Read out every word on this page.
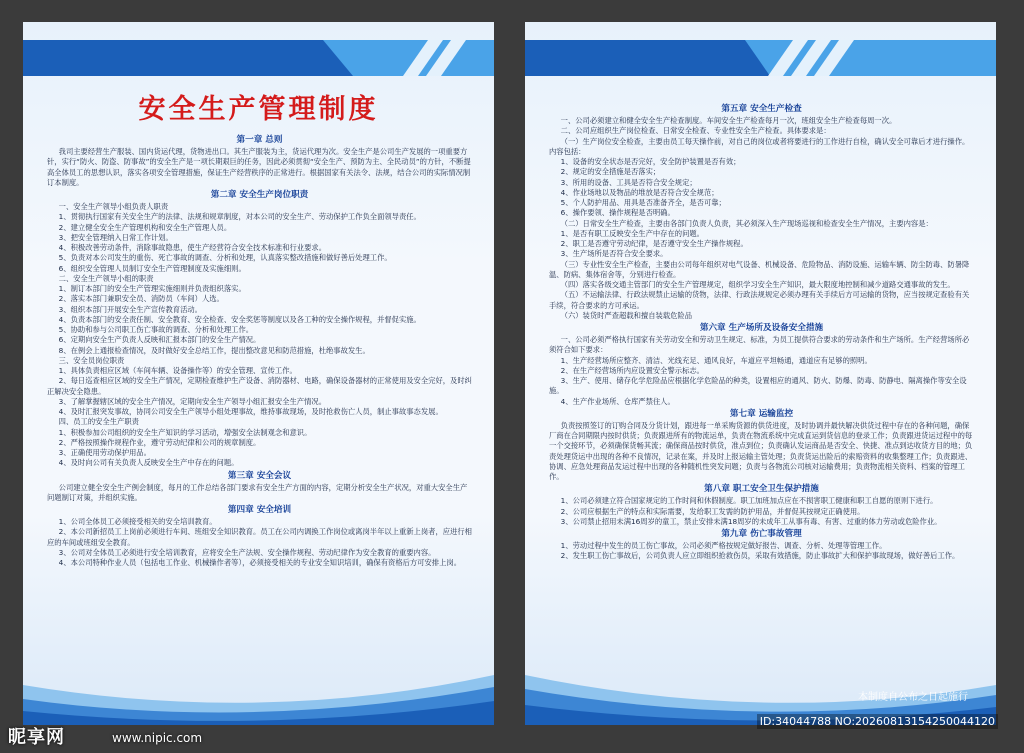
安全生产管理制度
第一章 总则
我司主要经营生产服装、国内货运代理，货物进出口。其生产服装为主，货运代理为次。安全生产是公司生产发展的一项重要方针，实行“防火、防盗、防事故”的安全生产是一项长期艰巨的任务，因此必须贯彻“安全生产、预防为主、全民动员”的方针，不断提高全体员工的思想认识，落实各项安全管理措施，保证生产经营秩序的正常进行。根据国家有关法令、法规，结合公司的实际情况制订本制度。
第二章 安全生产岗位职责
一、安全生产领导小组负责人职责
1、贯彻执行国家有关安全生产的法律、法规和规章制度，对本公司的安全生产、劳动保护工作负全面领导责任。
2、建立健全安全生产管理机构和安全生产管理人员。
3、把安全管理纳入日常工作计划。
4、积极改善劳动条件，消除事故隐患，使生产经营符合安全技术标准和行业要求。
5、负责对本公司发生的重伤、死亡事故的调查、分析和处理，认真落实整改措施和做好善后处理工作。
6、组织安全管理人员制订安全生产管理制度及实施细则。
二、安全生产领导小组的职责
1、制订本部门的安全生产管理实施细则并负责组织落实。
2、落实本部门兼职安全员、消防员（车间）人选。
3、组织本部门开展安全生产宣传教育活动。
4、负责本部门的安全责任制、安全教育、安全检查、安全奖惩等制度以及各工种的安全操作规程，并督促实施。
5、协助和参与公司职工伤亡事故的调查、分析和处理工作。
6、定期向安全生产负责人反映和汇报本部门的安全生产情况。
8、在例会上通报检查情况，及时做好安全总结工作，提出整改意见和防范措施，杜绝事故发生。
三、安全员岗位职责
1、具体负责相应区域（车间车辆、设备操作等）的安全管理、宣传工作。
2、每日巡查相应区域的安全生产情况，定期检查维护生产设备、消防器材、电路，确保设备器材的正常使用及安全完好，及时纠正解决安全隐患。
3、了解掌握辖区域的安全生产情况，定期向安全生产领导小组汇报安全生产情况。
4、及时汇报突发事故，协同公司安全生产领导小组处理事故，维持事故现场，及时抢救伤亡人员，制止事故事态发展。
四、员工的安全生产职责
1、积极参加公司组织的安全生产知识的学习活动，增强安全法制观念和意识。
2、严格按照操作规程作业，遵守劳动纪律和公司的规章制度。
3、正确使用劳动保护用品。
4、及时向公司有关负责人反映安全生产中存在的问题。
第三章 安全会议
公司建立健全安全生产例会制度，每月的工作总结各部门要求有安全生产方面的内容，定期分析安全生产状况，对重大安全生产问题制订对策，并组织实施。
第四章 安全培训
1、公司全体员工必须接受相关的安全培训教育。
2、本公司新招员工上岗前必须进行车间、班组安全知识教育。员工在公司内调换工作岗位或离岗半年以上重新上岗者，应进行相应的车间或班组安全教育。
3、公司对全体员工必须进行安全培训教育，应将安全生产法规、安全操作规程、劳动纪律作为安全教育的重要内容。
4、本公司特种作业人员（包括电工作业、机械操作者等），必须接受相关的专业安全知识培训，确保有资格后方可安排上岗。
第五章 安全生产检查
一、公司必须建立和健全安全生产检查制度。车间安全生产检查每月一次，班组安全生产检查每周一次。
二、公司应组织生产岗位检查、日常安全检查、专业性安全生产检查。具体要求是：
（一）生产岗位安全检查，主要由员工每天操作前，对自己的岗位或者将要进行的工作进行自检，确认安全可靠后才进行操作。内容包括：
1、设备的安全状态是否完好，安全防护装置是否有效；
2、规定的安全措施是否落实；
3、所用的设备、工具是否符合安全规定；
4、作业场地以及物品的堆放是否符合安全规范；
5、个人防护用品、用具是否准备齐全，是否可靠；
6、操作要领、操作规程是否明确。
（二）日常安全生产检查，主要由各部门负责人负责，其必须深入生产现场巡视和检查安全生产情况，主要内容是：
1、是否有职工反映安全生产中存在的问题。
2、职工是否遵守劳动纪律，是否遵守安全生产操作规程。
3、生产场所是否符合安全要求。
（三）专业性安全生产检查，主要由公司每年组织对电气设备、机械设备、危险物品、消防设施、运输车辆、防尘防毒、防暑降温、防病、集体宿舍等，分别进行检查。
（四）落实各级交通主管部门的安全生产管理规定，组织学习安全生产知识，最大限度地控制和减少道路交通事故的发生。
（五）不运输法律、行政法规禁止运输的货物，法律、行政法规规定必须办理有关手续后方可运输的货物，应当按规定查验有关手续，符合要求的方可承运。
（六）装货时严查超载和擅自装载危险品
第六章 生产场所及设备安全措施
一、公司必须严格执行国家有关劳动安全和劳动卫生规定、标准，为员工提供符合要求的劳动条件和生产场所。生产经营场所必须符合如下要求：
1、生产经营场所应整齐、清洁、光线充足、通风良好，车道应平坦畅通，通道应有足够的照明。
2、在生产经营场所内应设置安全警示标志。
3、生产、使用、储存化学危险品应根据化学危险品的种类，设置相应的通风、防火、防爆、防毒、防静电、隔离操作等安全设施。
4、生产作业场所、仓库严禁住人。
第七章 运输监控
负责按照签订的订购合同及分货计划，跟进每一单采购货源的供货进度，及时协调并最快解决供货过程中存在的各种问题，确保厂商在合同期限内按时供货；负责跟进所有的物流运单，负责在物流系统中完成直运到货信息的登录工作；负责跟进货运过程中的每一个交接环节，必须确保货畅其流；确保商品按时供货，准点到位；负责确认发运商品是否安全、快捷、准点到达收货方目的地；负责处理货运中出现的各种不良情况，记录在案，并及时上报运输主管处理；负责货运出险后的索赔资料的收集整理工作；负责跟进、协调、应急处理商品发运过程中出现的各种随机性突发问题；负责与各物流公司核对运输费用；负责物流相关资料、档案的管理工作。
第八章 职工安全卫生保护措施
1、公司必须建立符合国家规定的工作时间和休假制度。职工加班加点应在不损害职工健康和职工自愿的原则下进行。
2、公司应根据生产的特点和实际需要，发给职工发需的防护用品，并督促其按规定正确使用。
3、公司禁止招用未满16周岁的童工，禁止安排未满18周岁的未成年工从事有毒、有害、过重的体力劳动或危险作业。
第九章 伤亡事故管理
1、劳动过程中发生的员工伤亡事故，公司必须严格按规定做好报告、调查、分析、处理等管理工作。
2、发生职工伤亡事故后，公司负责人应立即组织抢救伤员，采取有效措施，防止事故扩大和保护事故现场，做好善后工作。
本制度自公布之日起施行
昵享网	www.nipic.com
ID:34044788 NO:20260813154250044120
